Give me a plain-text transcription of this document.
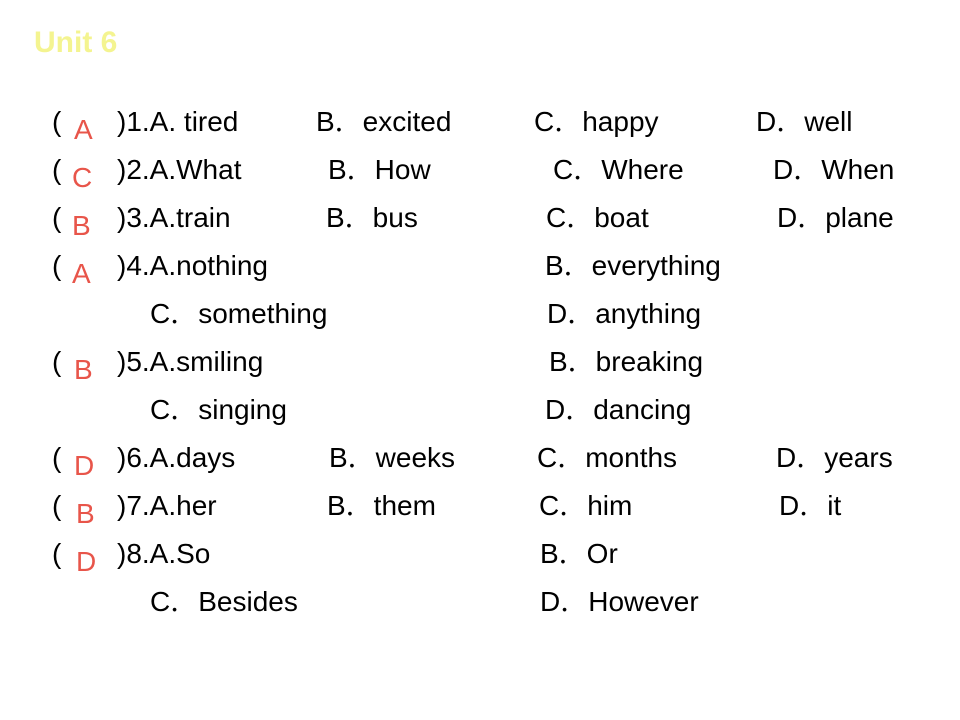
Unit 6
( A )1.A. tired	B．excited	C．happy	D．well
( C )2.A.What	B．How	C．Where	D．When
( B )3.A.train	B．bus	C．boat	D．plane
( A )4.A.nothing	B．everything
C．something	D．anything
( B )5.A.smiling	B．breaking
C．singing	D．dancing
( D )6.A.days	B．weeks	C．months	D．years
( B )7.A.her	B．them	C．him	D．it
( D )8.A.So	B．Or
C．Besides	D．However
